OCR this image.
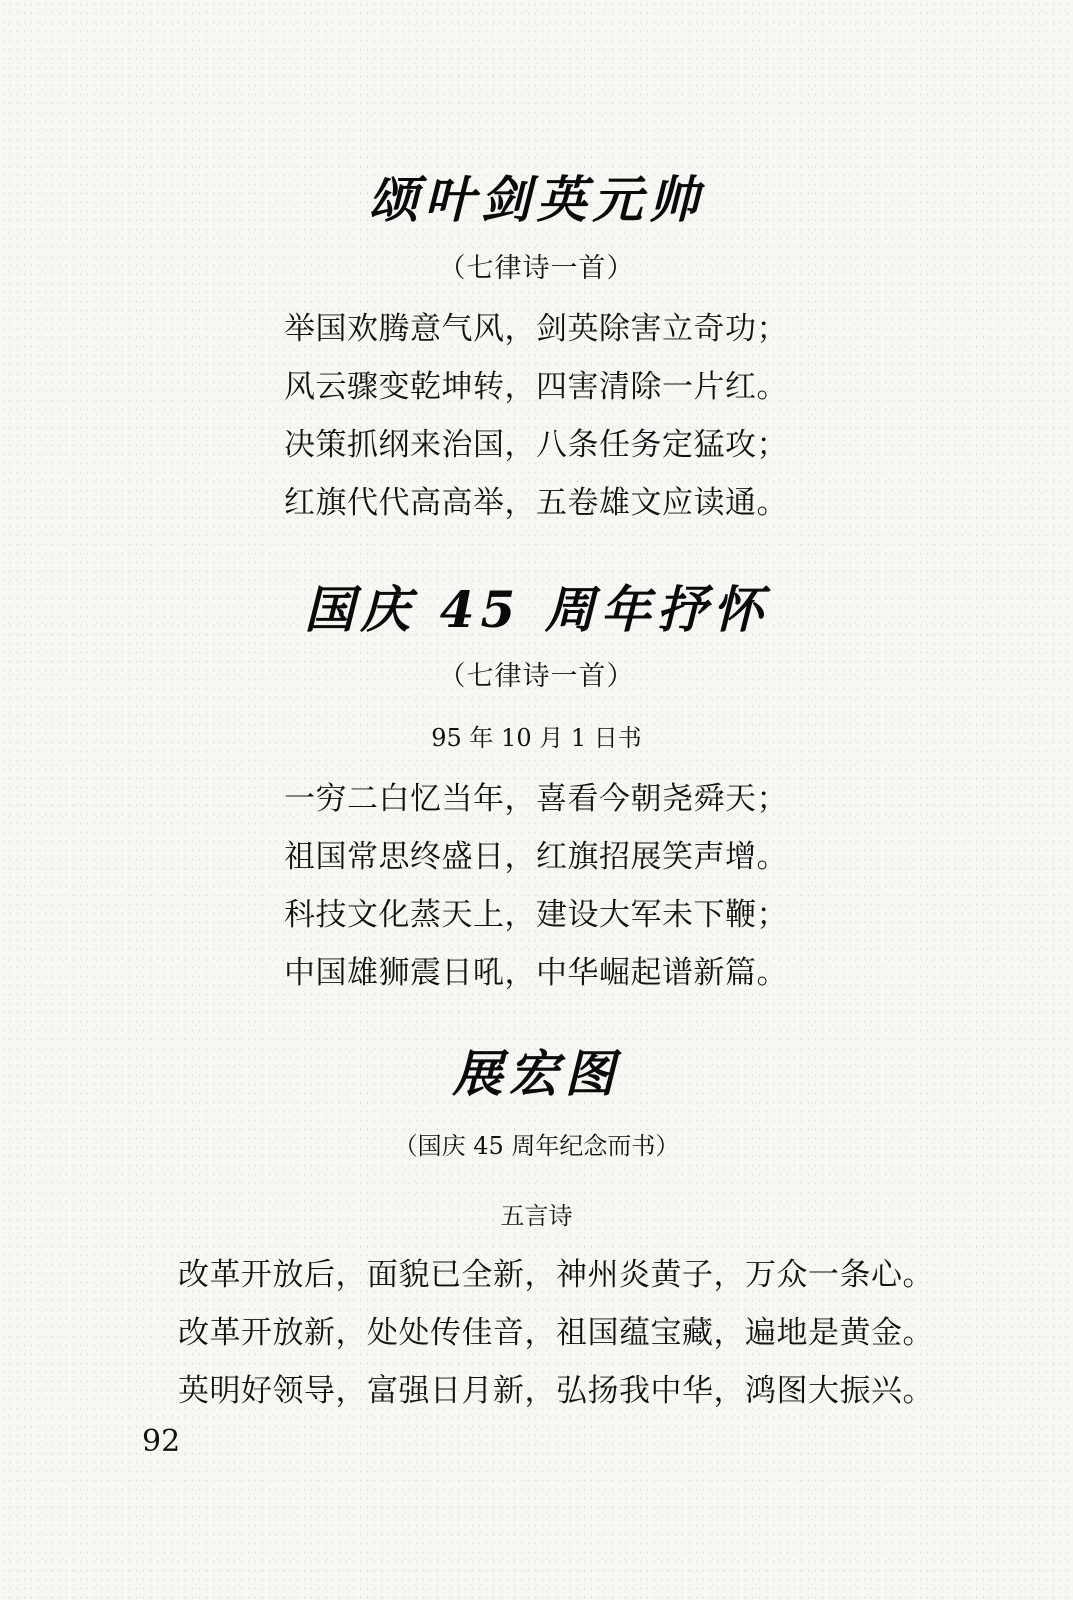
颂叶剑英元帅
（七律诗一首）
举国欢腾意气风，剑英除害立奇功；
风云骤变乾坤转，四害清除一片红。
决策抓纲来治国，八条任务定猛攻；
红旗代代高高举，五卷雄文应读通。
国庆 45 周年抒怀
（七律诗一首）
95 年 10 月 1 日书
一穷二白忆当年，喜看今朝尧舜天；
祖国常思终盛日，红旗招展笑声增。
科技文化蒸天上，建设大军未下鞭；
中国雄狮震日吼，中华崛起谱新篇。
展宏图
（国庆 45 周年纪念而书）
五言诗
改革开放后，面貌已全新，神州炎黄子，万众一条心。
改革开放新，处处传佳音，祖国蕴宝藏，遍地是黄金。
英明好领导，富强日月新，弘扬我中华，鸿图大振兴。
92
